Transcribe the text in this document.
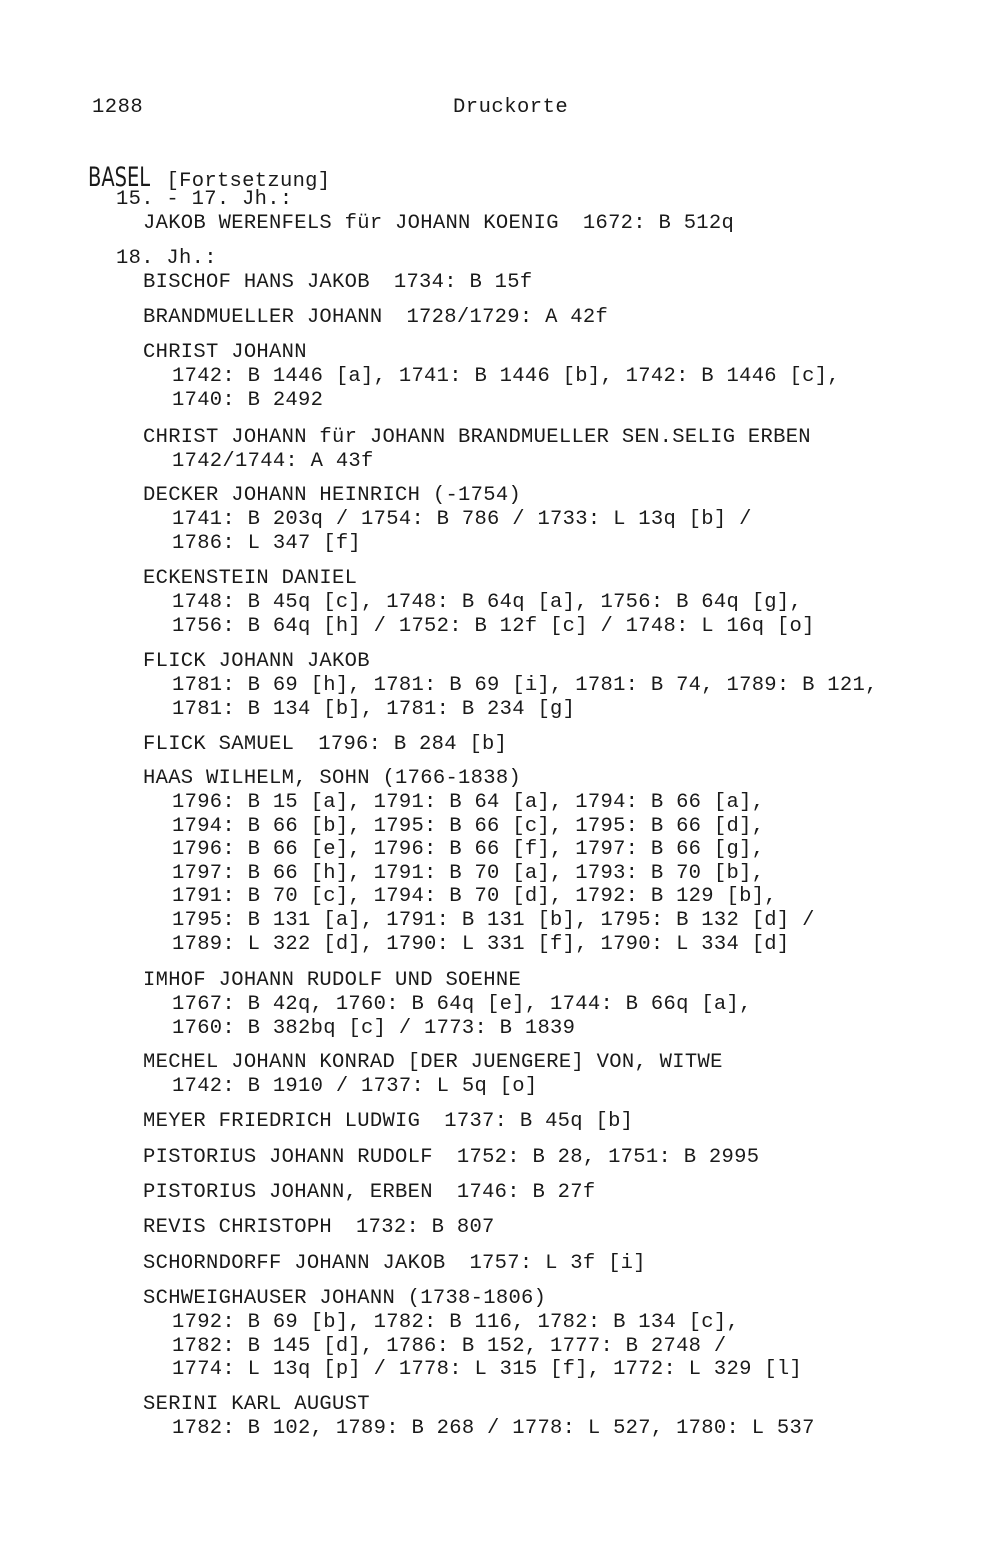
1288	Druckorte
BASEL [Fortsetzung]
15. - 17. Jh.:
JAKOB WERENFELS für JOHANN KOENIG 1672: B 512q
18. Jh.:
BISCHOF HANS JAKOB 1734: B 15f
BRANDMUELLER JOHANN 1728/1729: A 42f
CHRIST JOHANN
1742: B 1446 [a], 1741: B 1446 [b], 1742: B 1446 [c],
1740: B 2492
CHRIST JOHANN für JOHANN BRANDMUELLER SEN.SELIG ERBEN
1742/1744: A 43f
DECKER JOHANN HEINRICH (-1754)
1741: B 203q / 1754: B 786 / 1733: L 13q [b] /
1786: L 347 [f]
ECKENSTEIN DANIEL
1748: B 45q [c], 1748: B 64q [a], 1756: B 64q [g],
1756: B 64q [h] / 1752: B 12f [c] / 1748: L 16q [o]
FLICK JOHANN JAKOB
1781: B 69 [h], 1781: B 69 [i], 1781: B 74, 1789: B 121,
1781: B 134 [b], 1781: B 234 [g]
FLICK SAMUEL 1796: B 284 [b]
HAAS WILHELM, SOHN (1766-1838)
1796: B 15 [a], 1791: B 64 [a], 1794: B 66 [a],
1794: B 66 [b], 1795: B 66 [c], 1795: B 66 [d],
1796: B 66 [e], 1796: B 66 [f], 1797: B 66 [g],
1797: B 66 [h], 1791: B 70 [a], 1793: B 70 [b],
1791: B 70 [c], 1794: B 70 [d], 1792: B 129 [b],
1795: B 131 [a], 1791: B 131 [b], 1795: B 132 [d] /
1789: L 322 [d], 1790: L 331 [f], 1790: L 334 [d]
IMHOF JOHANN RUDOLF UND SOEHNE
1767: B 42q, 1760: B 64q [e], 1744: B 66q [a],
1760: B 382bq [c] / 1773: B 1839
MECHEL JOHANN KONRAD [DER JUENGERE] VON, WITWE
1742: B 1910 / 1737: L 5q [o]
MEYER FRIEDRICH LUDWIG 1737: B 45q [b]
PISTORIUS JOHANN RUDOLF 1752: B 28, 1751: B 2995
PISTORIUS JOHANN, ERBEN 1746: B 27f
REVIS CHRISTOPH 1732: B 807
SCHORNDORFF JOHANN JAKOB 1757: L 3f [i]
SCHWEIGHAUSER JOHANN (1738-1806)
1792: B 69 [b], 1782: B 116, 1782: B 134 [c],
1782: B 145 [d], 1786: B 152, 1777: B 2748 /
1774: L 13q [p] / 1778: L 315 [f], 1772: L 329 [l]
SERINI KARL AUGUST
1782: B 102, 1789: B 268 / 1778: L 527, 1780: L 537
